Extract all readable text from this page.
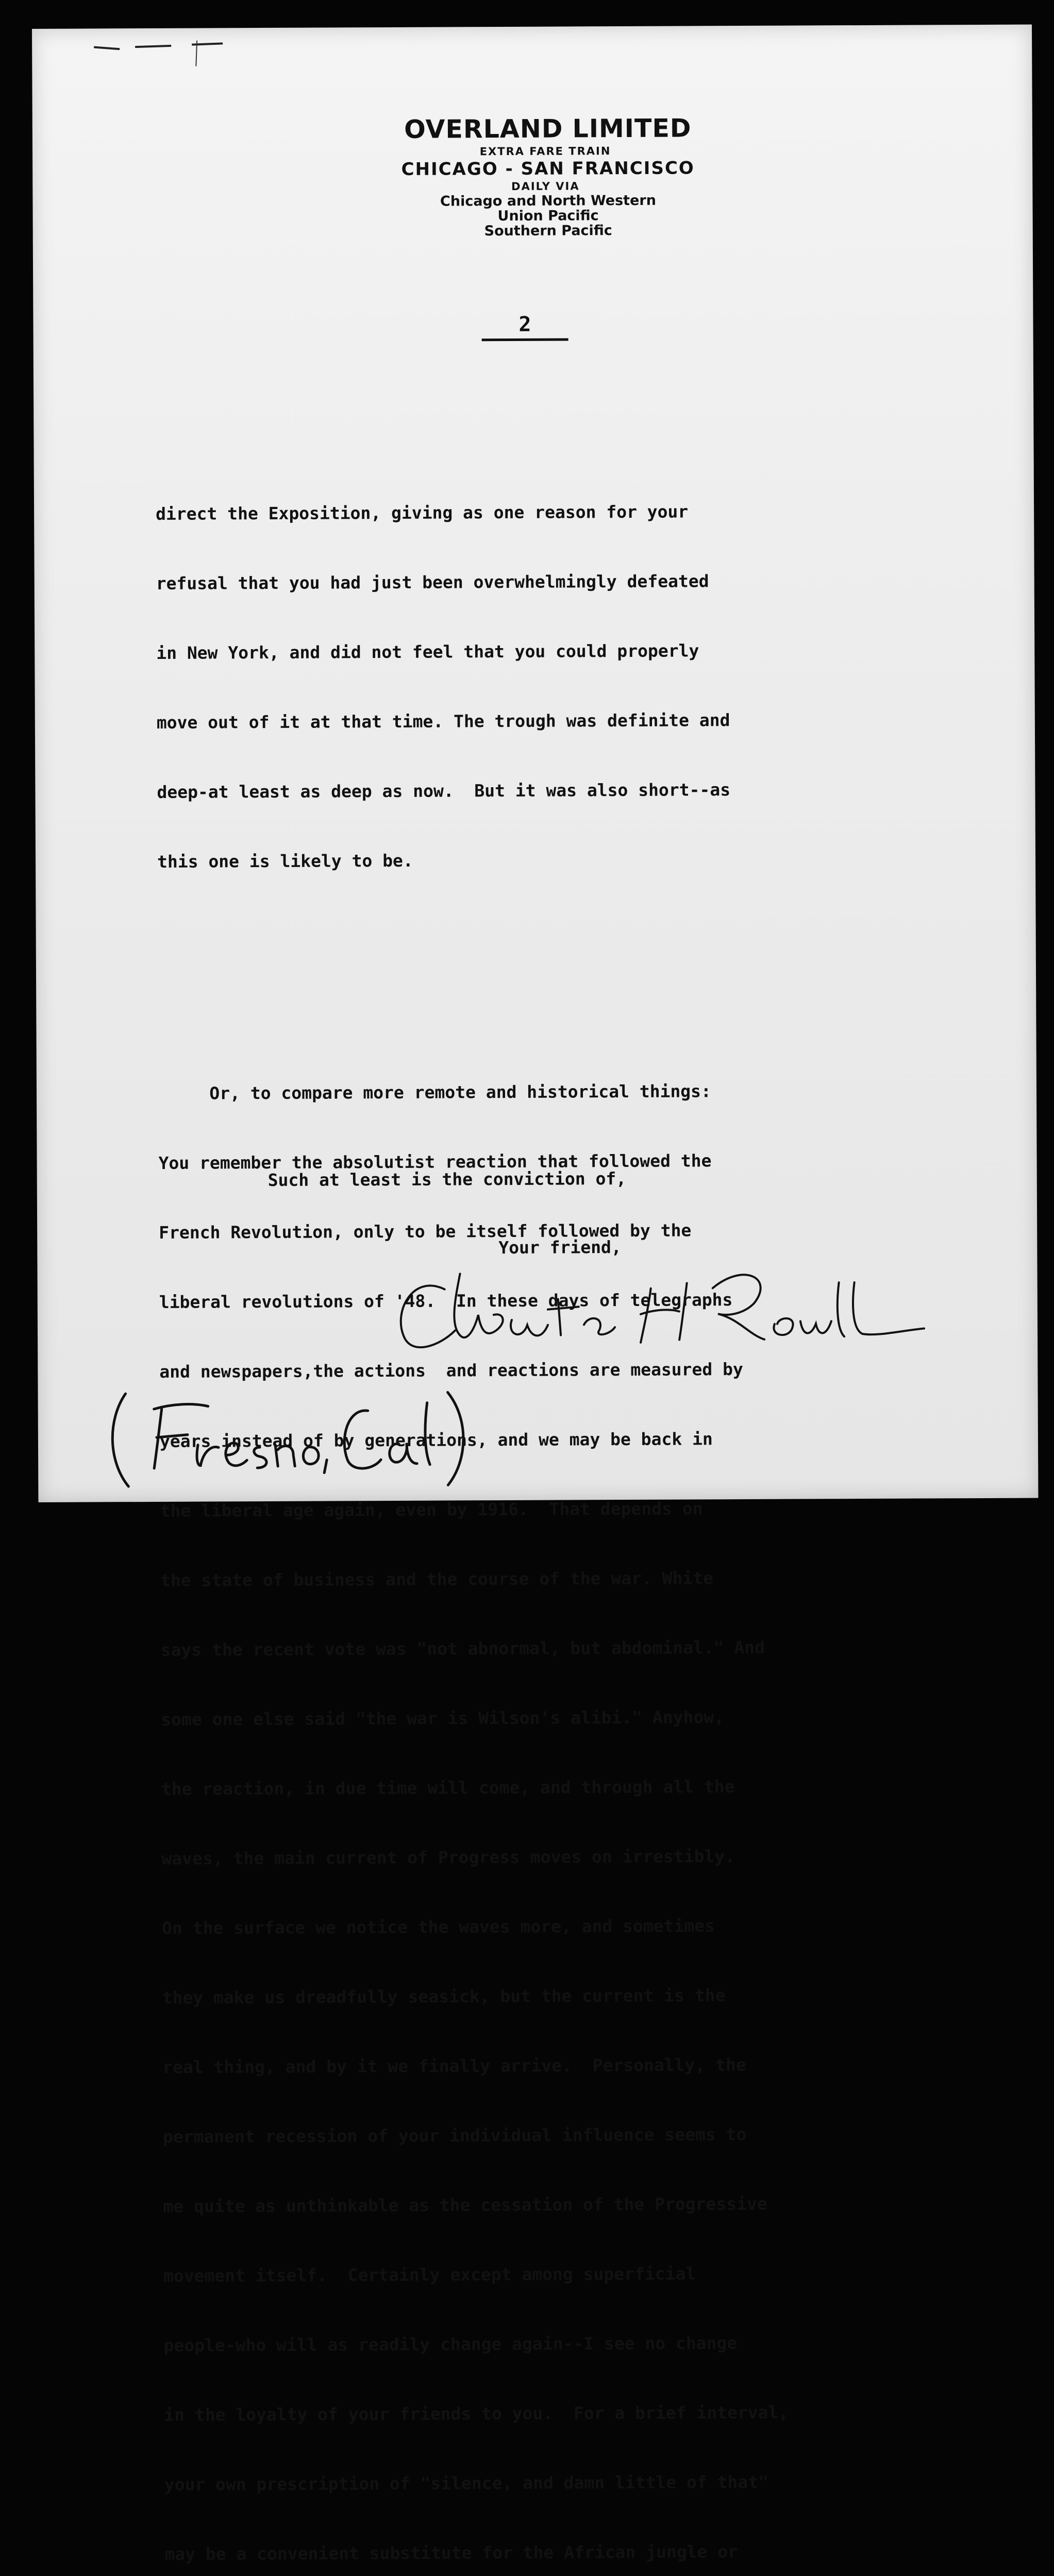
OVERLAND LIMITED
EXTRA FARE TRAIN
CHICAGO - SAN FRANCISCO
DAILY VIA
Chicago and North Western
Union Pacific
Southern Pacific
2

direct the Exposition, giving as one reason for your

refusal that you had just been overwhelmingly defeated

in New York, and did not feel that you could properly

move out of it at that time. The trough was definite and

deep-at least as deep as now.  But it was also short--as

this one is likely to be.

Or, to compare more remote and historical things:

You remember the absolutist reaction that followed the

French Revolution, only to be itself followed by the

liberal revolutions of '48.  In these days of telegraphs

and newspapers,the actions  and reactions are measured by

years instead of by generations, and we may be back in

the liberal age again, even by 1916.  That depends on

the state of business and the course of the war. White

says the recent vote was "not abnormal, but abdominal." And

some one else said "the war is Wilson's alibi." Anyhow,

the reaction, in due time will come, and through all the

waves, the main current of Progress moves on irrestibly.

On the surface we notice the waves more, and sometimes

they make us dreadfully seasick, but the current is the

real thing, and by it we finally arrive.  Personally, the

permanent recession of your individual influence seems to

me quite as unthinkable as the cessation of the Progressive

movement itself.  Certainly except among superficial

people-who will as readily change again--I see no change

in the loyalty of your friends to you.  For a brief interval,

your own prescription of "silence, and damn little of that"

may be a convenient substitute for the African jungle or

Such at least is the conviction of,
Your friend,
